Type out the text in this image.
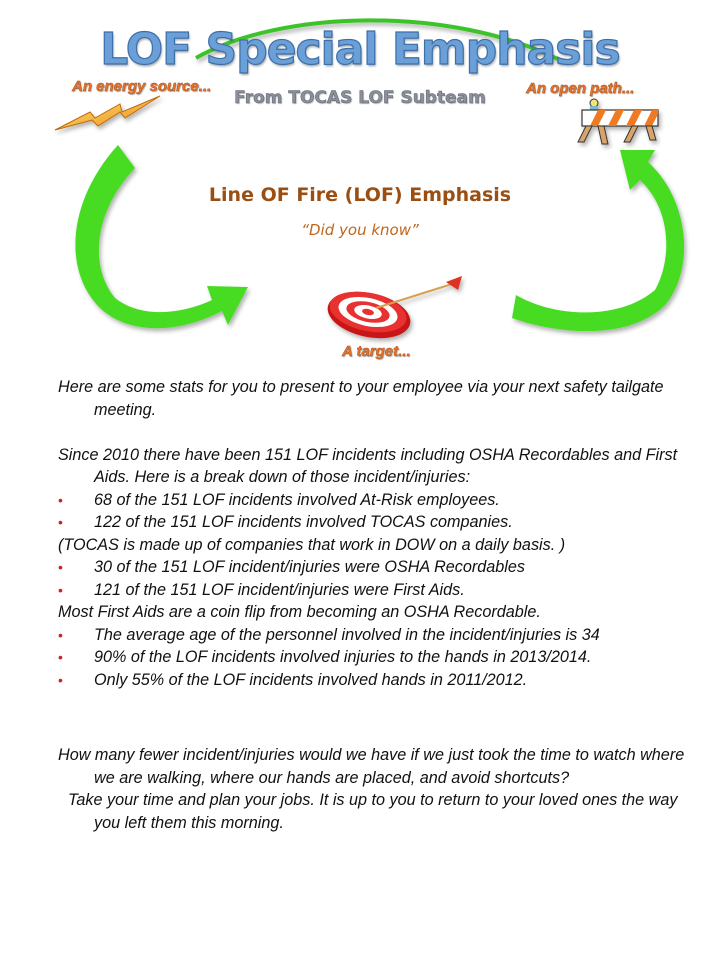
LOF Special Emphasis
From TOCAS LOF Subteam
An energy source...	An open path...
A target...
Line OF Fire (LOF) Emphasis
“Did you know”

Here are some stats for you to present to your employee via your next safety tailgate meeting.

Since 2010 there have been 151 LOF incidents including OSHA Recordables and First Aids. Here is a break down of those incident/injuries:

• 68 of the 151 LOF incidents involved At-Risk employees.

• 122 of the 151 LOF incidents involved TOCAS companies.

(TOCAS is made up of companies that work in DOW on a daily basis. )

• 30 of the 151 LOF incident/injuries were OSHA Recordables

• 121 of the 151 LOF incident/injuries were First Aids.

Most First Aids are a coin flip from becoming an OSHA Recordable.

• The average age of the personnel involved in the incident/injuries is 34

• 90% of the LOF incidents involved injuries to the hands in 2013/2014.

• Only 55% of the LOF incidents involved hands in 2011/2012.

How many fewer incident/injuries would we have if we just took the time to watch where we are walking, where our hands are placed, and avoid shortcuts?

Take your time and plan your jobs. It is up to you to return to your loved ones the way you left them this morning.
